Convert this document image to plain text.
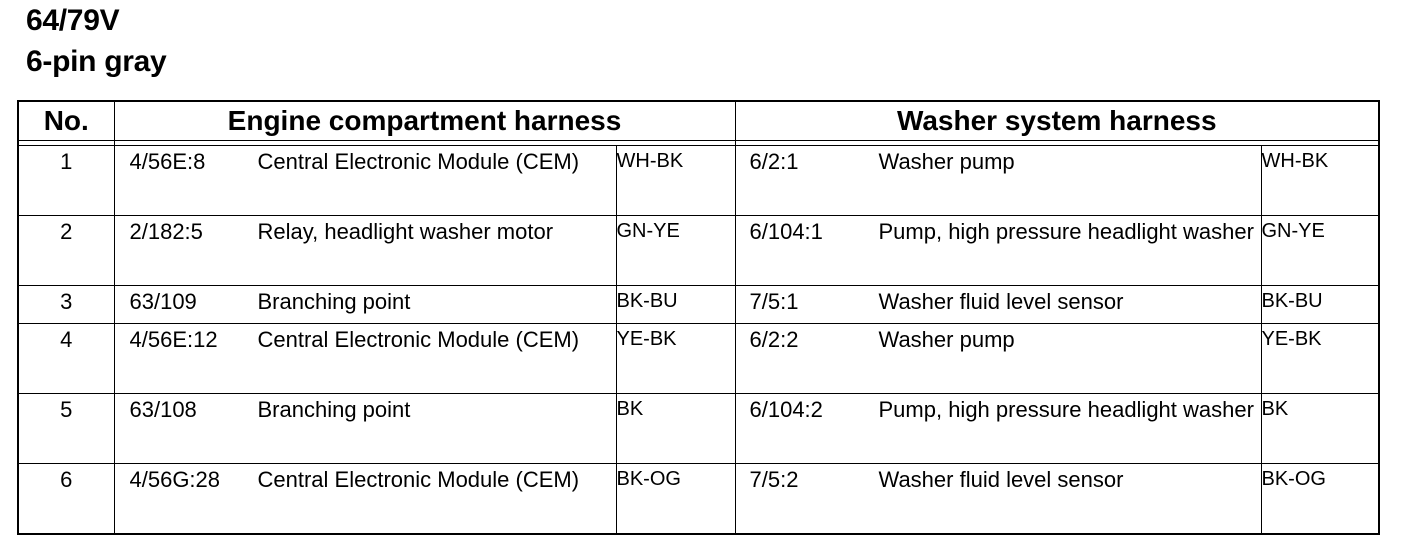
64/79V
6-pin gray
No.	Engine compartment harness		Washer system harness	

1	4/56E:8 Central Electronic Module (CEM)	WH-BK	6/2:1 Washer pump	WH-BK
2	2/182:5 Relay, headlight washer motor	GN-YE	6/104:1 Pump, high pressure headlight washer	GN-YE
3	63/109 Branching point	BK-BU	7/5:1 Washer fluid level sensor	BK-BU
4	4/56E:12 Central Electronic Module (CEM)	YE-BK	6/2:2 Washer pump	YE-BK
5	63/108 Branching point	BK	6/104:2 Pump, high pressure headlight washer	BK
6	4/56G:28 Central Electronic Module (CEM)	BK-OG	7/5:2 Washer fluid level sensor	BK-OG
